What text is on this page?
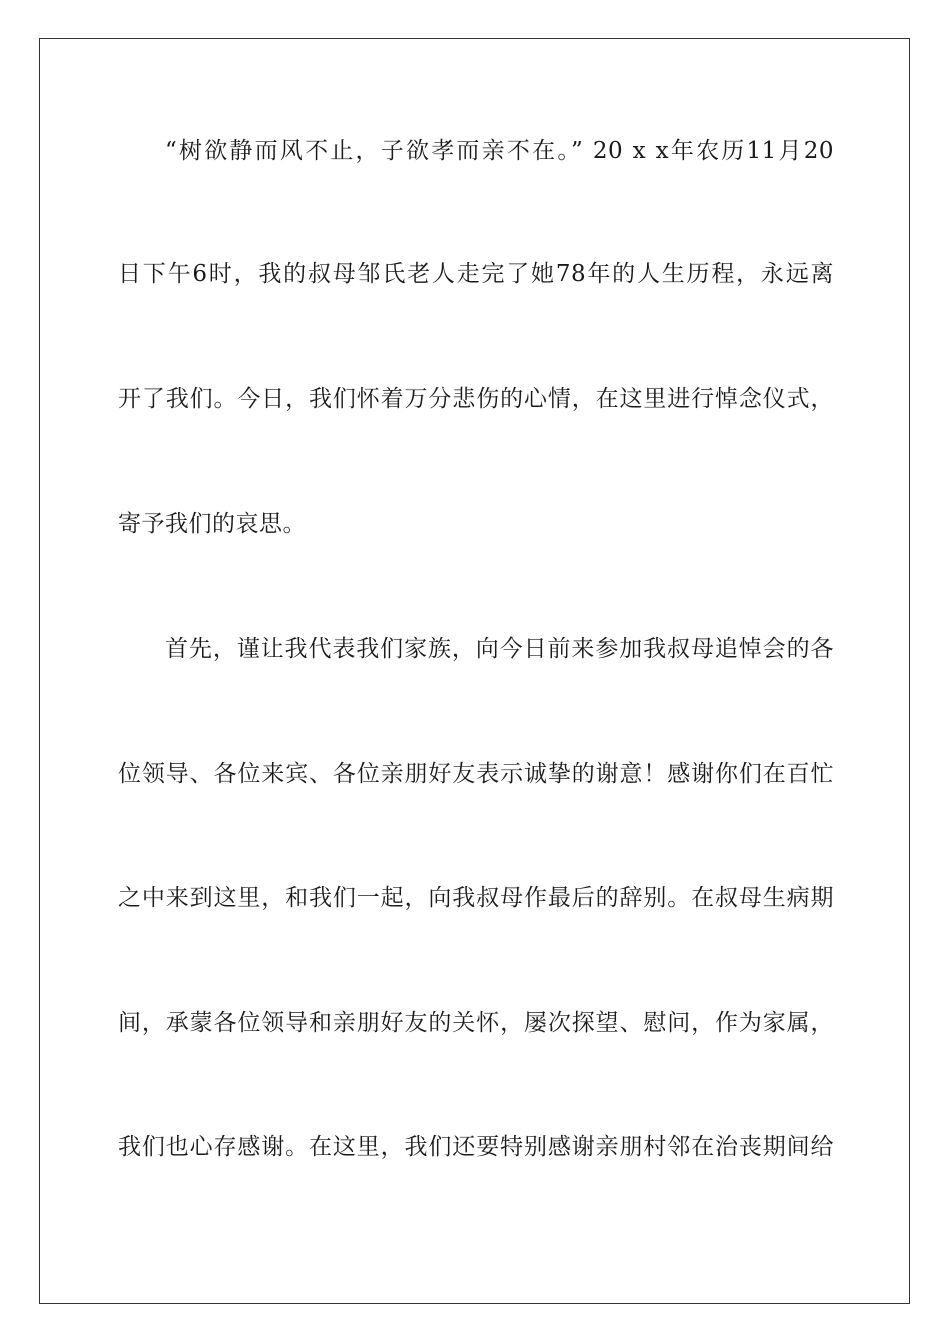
“树欲静而风不止，子欲孝而亲不在。” 20 x x年农历11月20
日下午6时，我的叔母邹氏老人走完了她78年的人生历程，永远离
开了我们。今日，我们怀着万分悲伤的心情，在这里进行悼念仪式，
寄予我们的哀思。
首先，谨让我代表我们家族，向今日前来参加我叔母追悼会的各
位领导、各位来宾、各位亲朋好友表示诚挚的谢意！感谢你们在百忙
之中来到这里，和我们一起，向我叔母作最后的辞别。在叔母生病期
间，承蒙各位领导和亲朋好友的关怀，屡次探望、慰问，作为家属，
我们也心存感谢。在这里，我们还要特别感谢亲朋村邻在治丧期间给
